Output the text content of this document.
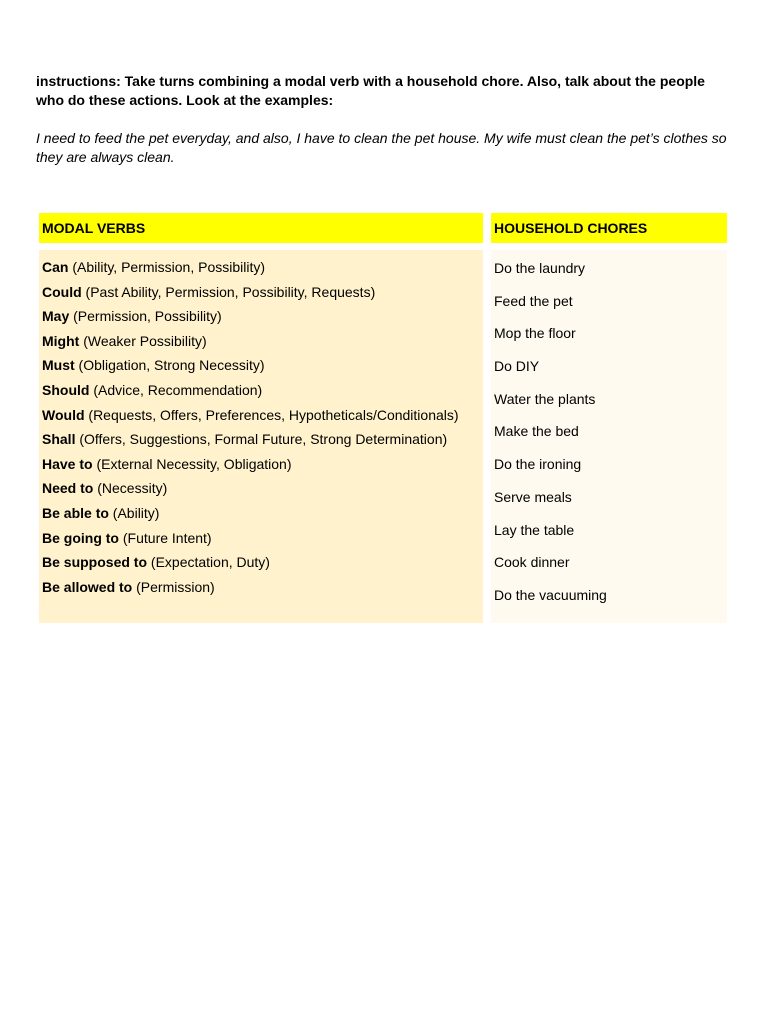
instructions: Take turns combining a modal verb with a household chore. Also, talk about the people who do these actions. Look at the examples:

I need to feed the pet everyday, and also, I have to clean the pet house. My wife must clean the pet’s clothes so they are always clean.

MODAL VERBS
Can (Ability, Permission, Possibility)
Could (Past Ability, Permission, Possibility, Requests)
May (Permission, Possibility)
Might (Weaker Possibility)
Must (Obligation, Strong Necessity)
Should (Advice, Recommendation)
Would (Requests, Offers, Preferences, Hypotheticals/Conditionals)
Shall (Offers, Suggestions, Formal Future, Strong Determination)
Have to (External Necessity, Obligation)
Need to (Necessity)
Be able to (Ability)
Be going to (Future Intent)
Be supposed to (Expectation, Duty)
Be allowed to (Permission)
HOUSEHOLD CHORES
Do the laundry
Feed the pet
Mop the floor
Do DIY
Water the plants
Make the bed
Do the ironing
Serve meals
Lay the table
Cook dinner
Do the vacuuming
